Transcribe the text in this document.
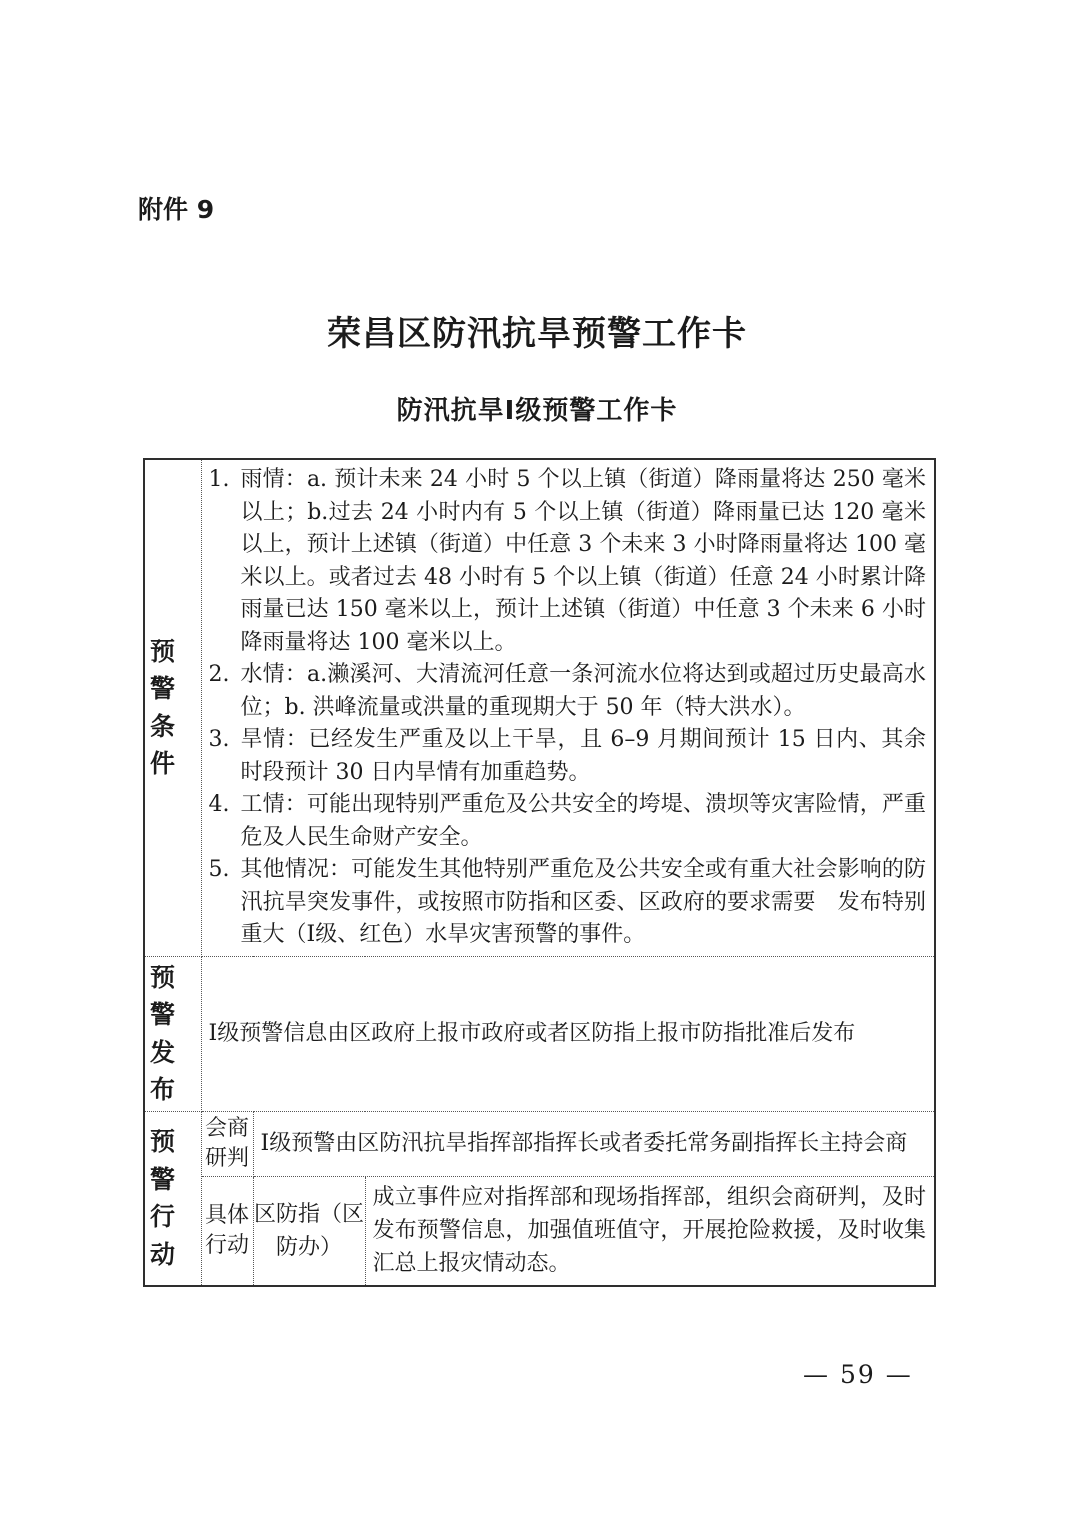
附件 9
荣昌区防汛抗旱预警工作卡
防汛抗旱Ⅰ级预警工作卡
预警条件	
1. 雨情：a. 预计未来 24 小时 5 个以上镇（街道）降雨量将达 250 毫米以上；b.过去 24 小时内有 5 个以上镇（街道）降雨量已达 120 毫米以上，预计上述镇（街道）中任意 3 个未来 3 小时降雨量将达 100 毫米以上。或者过去 48 小时有 5 个以上镇（街道）任意 24 小时累计降雨量已达 150 毫米以上，预计上述镇（街道）中任意 3 个未来 6 小时降雨量将达 100 毫米以上。
2. 水情：a.濑溪河、大清流河任意一条河流水位将达到或超过历史最高水位；b. 洪峰流量或洪量的重现期大于 50 年（特大洪水）。
3. 旱情：已经发生严重及以上干旱，且 6–9 月期间预计 15 日内、其余时段预计 30 日内旱情有加重趋势。
4. 工情：可能出现特别严重危及公共安全的垮堤、溃坝等灾害险情，严重危及人民生命财产安全。
5. 其他情况：可能发生其他特别严重危及公共安全或有重大社会影响的防汛抗旱突发事件，或按照市防指和区委、区政府的要求需要　发布特别重大（Ⅰ级、红色）水旱灾害预警的事件。

预警发布	Ⅰ级预警信息由区政府上报市政府或者区防指上报市防指批准后发布		
预警行动	会商研判	Ⅰ级预警由区防汛抗旱指挥部指挥长或者委托常务副指挥长主持会商	
	具体行动	区防指（区防办）	成立事件应对指挥部和现场指挥部，组织会商研判，及时发布预警信息，加强值班值守，开展抢险救援，及时收集汇总上报灾情动态。
— 59 —
